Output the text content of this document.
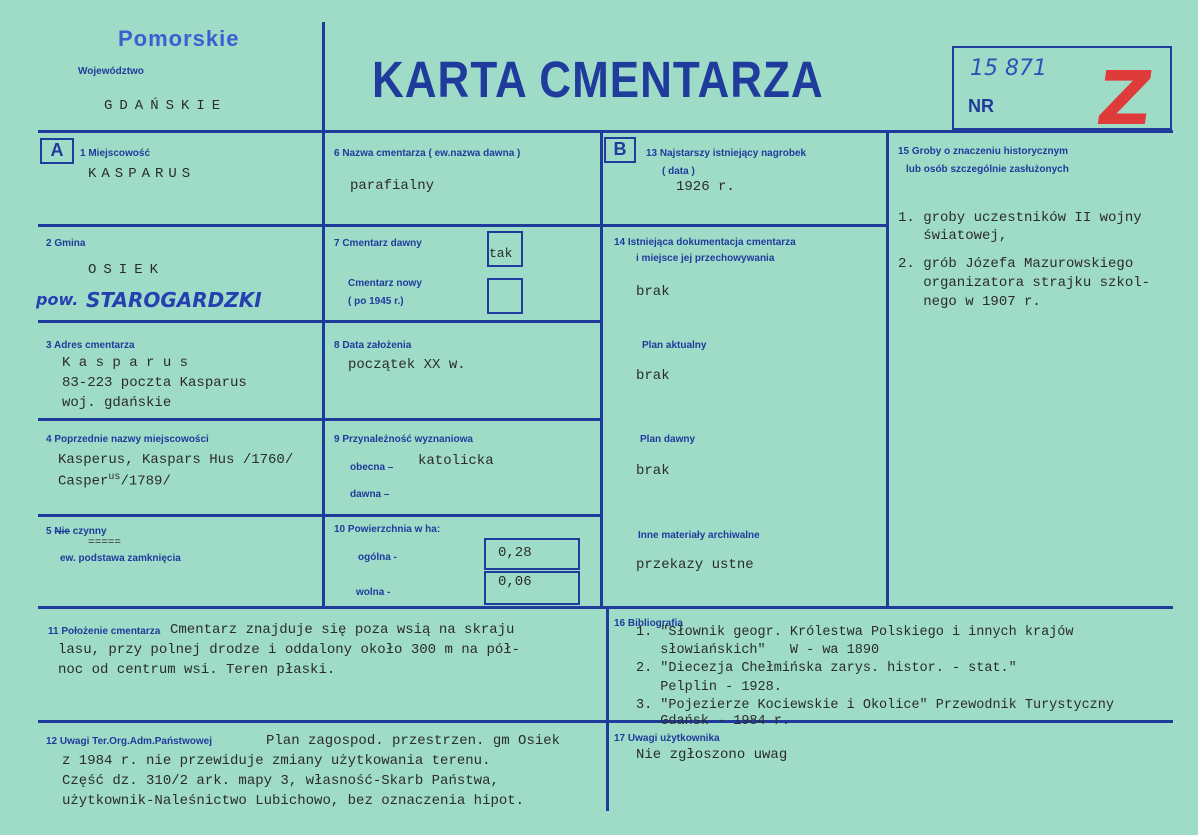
Pomorskie
Województwo
GDAŃSKIE	KARTA CMENTARZA	15 871
NR Z
A	B
1 Miejscowość
KASPARUS
2 Gmina
OSIEK
pow. STAROGARDZKI
3 Adres cmentarza
K a s p a r u s
83-223 poczta Kasparus
woj. gdańskie
4 Poprzednie nazwy miejscowości
Kasperus, Kaspars Hus /1760/
Casper$^{us}$/1789/
5 Nie czynny
=====
ew. podstawa zamknięcia
6 Nazwa cmentarza ( ew.nazwa dawna )
parafialny
7 Cmentarz dawny
tak
Cmentarz nowy
( po 1945 r.)
8 Data założenia
początek XX w.
9 Przynależność wyznaniowa
obecna – katolicka
dawna –
10 Powierzchnia w ha:
ogólna -	0,28
wolna -
0,06
11 Położenie cmentarza Cmentarz znajduje się poza wsią na skraju
lasu, przy polnej drodze i oddalony około 300 m na pół-
noc od centrum wsi. Teren płaski.
12 Uwagi Ter.Org.Adm.Państwowej	Plan zagospod. przestrzen. gm Osiek
z 1984 r. nie przewiduje zmiany użytkowania terenu.
Część dz. 310/2 ark. mapy 3, własność-Skarb Państwa,
użytkownik-Naleśnictwo Lubichowo, bez oznaczenia hipot.
13 Najstarszy istniejący nagrobek
( data )
1926 r.
14 Istniejąca dokumentacja cmentarza
i miejsce jej przechowywania
brak
Plan aktualny
brak
Plan dawny
brak
Inne materiały archiwalne
przekazy ustne
15 Groby o znaczeniu historycznym
lub osób szczególnie zasłużonych
1. groby uczestników II wojny
światowej,
2. grób Józefa Mazurowskiego
organizatora strajku szkol-
nego w 1907 r.
16 Bibliografia
1. "Słownik geogr. Królestwa Polskiego i innych krajów
słowiańskich"   W - wa 1890
2. "Diecezja Chełmińska zarys. histor. - stat."
Pelplin - 1928.
3. "Pojezierze Kociewskie i Okolice" Przewodnik Turystyczny
Gdańsk - 1984 r.
17 Uwagi użytkownika
Nie zgłoszono uwag
